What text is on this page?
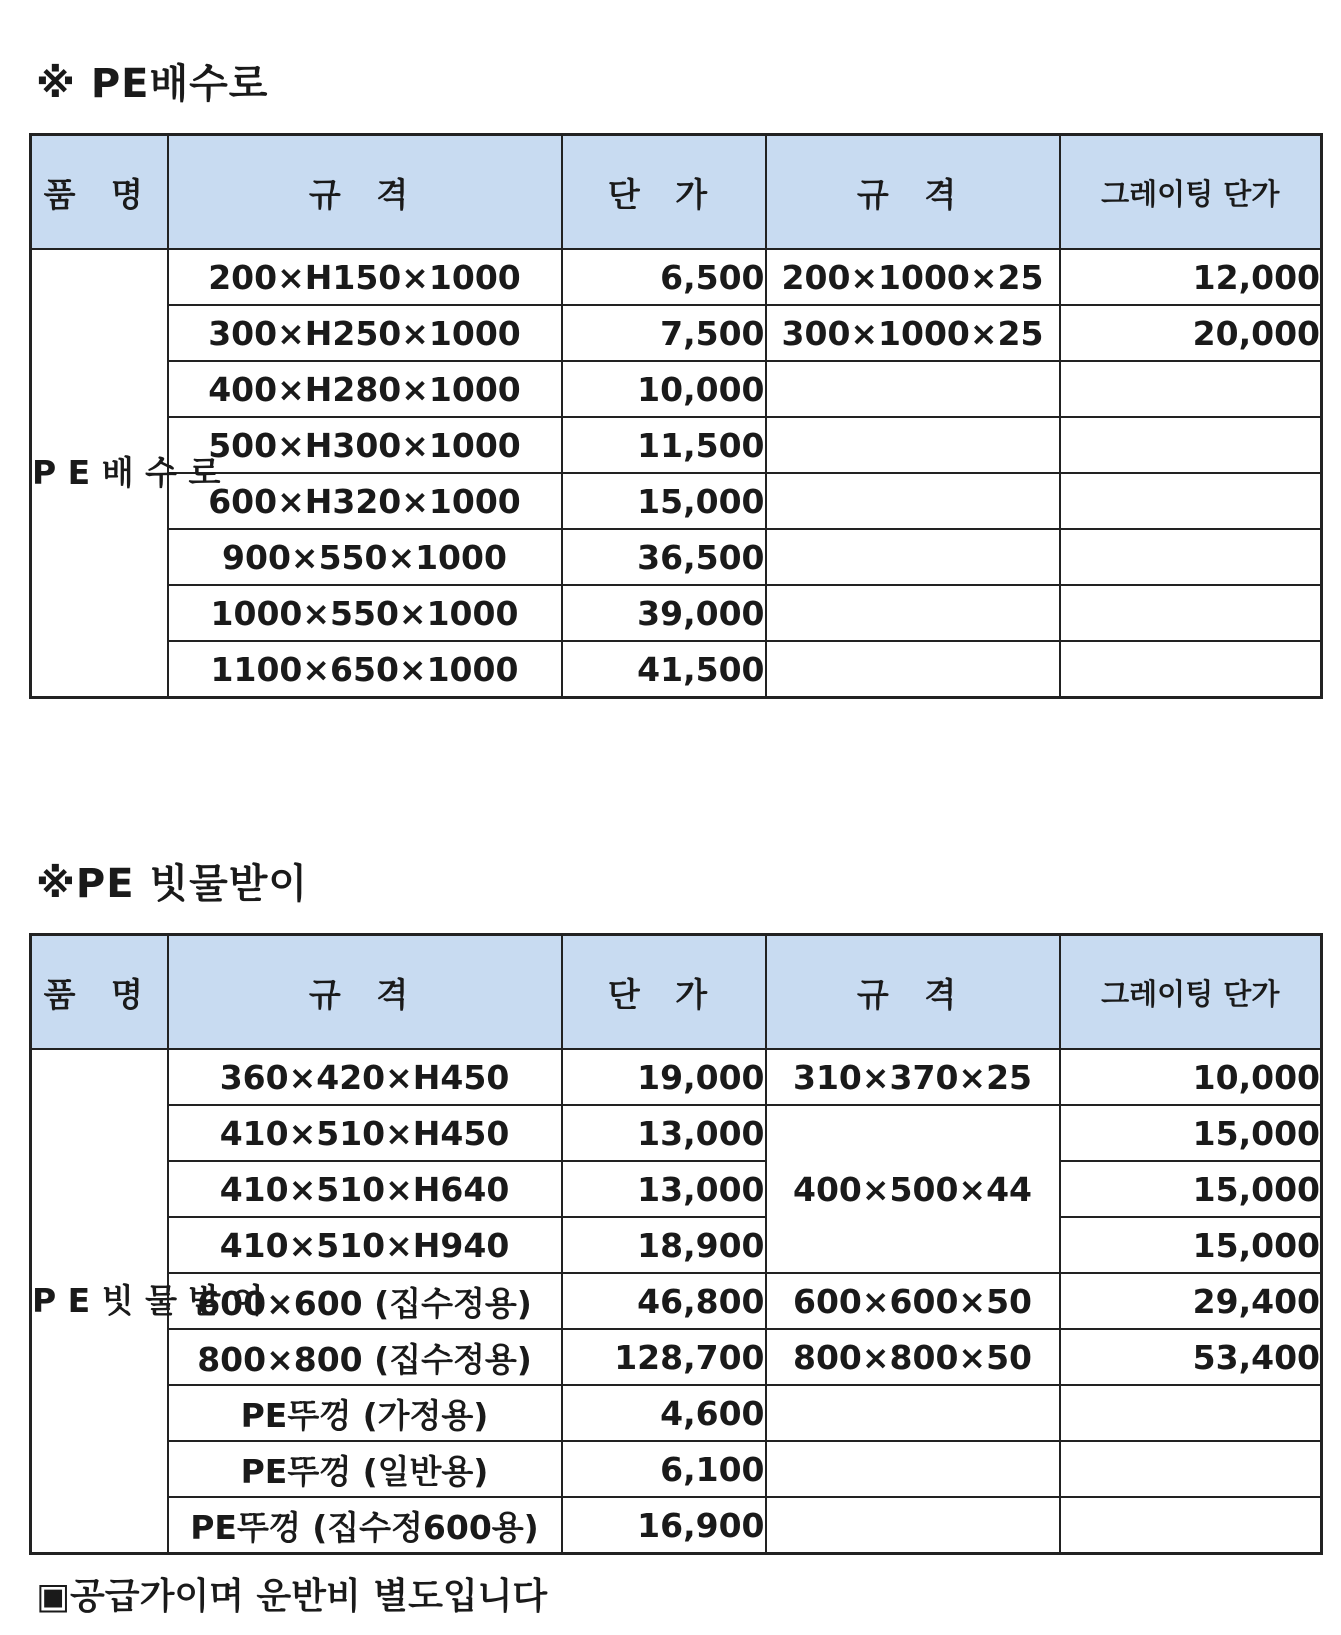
※ PE배수로
품 명	규 격	단 가	규 격	그레이팅 단가
P E 배 수 로	200×H150×1000	6,500	200×1000×25	12,000
	300×H250×1000	7,500	300×1000×25	20,000
	400×H280×1000	10,000		
	500×H300×1000	11,500		
	600×H320×1000	15,000		
	900×550×1000	36,500		
	1000×550×1000	39,000		
	1100×650×1000	41,500		
※PE 빗물받이
품 명	규 격	단 가	규 격	그레이팅 단가
P E 빗 물 받 이	360×420×H450	19,000	310×370×25	10,000
	410×510×H450	13,000	400×500×44	15,000
	410×510×H640	13,000		15,000
	410×510×H940	18,900		15,000
	600×600 (집수정용)	46,800	600×600×50	29,400
	800×800 (집수정용)	128,700	800×800×50	53,400
	PE뚜껑 (가정용)	4,600		
	PE뚜껑 (일반용)	6,100		
	PE뚜껑 (집수정600용)	16,900		
▣공급가이며 운반비 별도입니다
